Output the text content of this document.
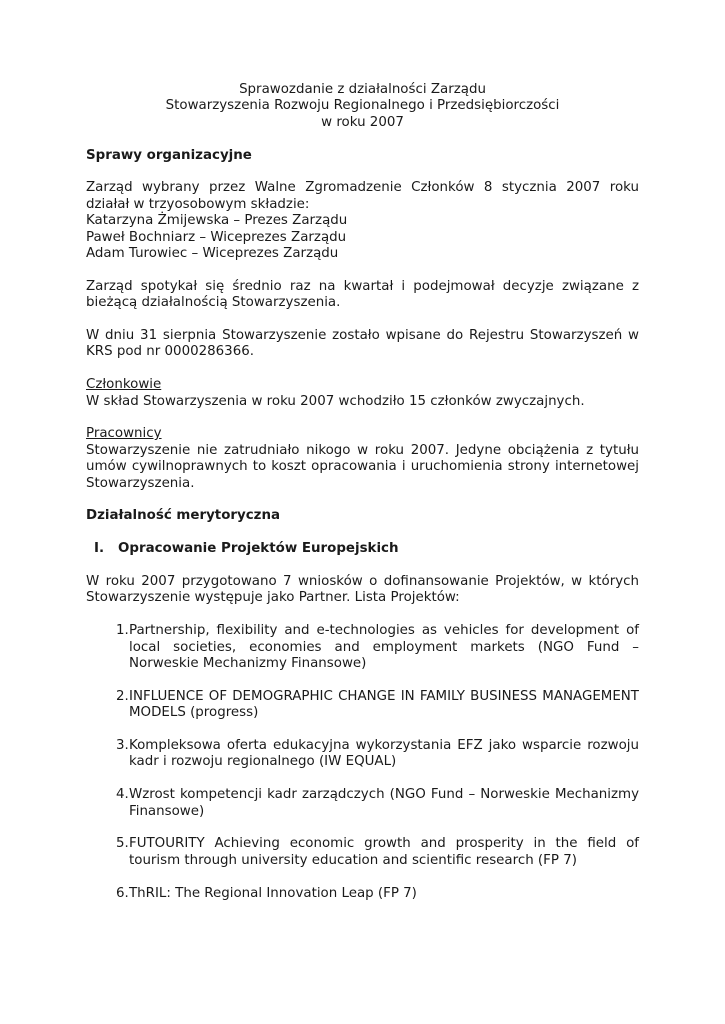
Sprawozdanie z działalności Zarządu
Stowarzyszenia Rozwoju Regionalnego i Przedsiębiorczości
w roku 2007

Sprawy organizacyjne

Zarząd wybrany przez Walne Zgromadzenie Członków 8 stycznia 2007 roku działał w trzyosobowym składzie:

Katarzyna Żmijewska – Prezes Zarządu

Paweł Bochniarz – Wiceprezes Zarządu

Adam Turowiec – Wiceprezes Zarządu

Zarząd spotykał się średnio raz na kwartał i podejmował decyzje związane z bieżącą działalnością Stowarzyszenia.

W dniu 31 sierpnia Stowarzyszenie zostało wpisane do Rejestru Stowarzyszeń w KRS pod nr 0000286366.

Członkowie

W skład Stowarzyszenia w roku 2007 wchodziło 15 członków zwyczajnych.

Pracownicy

Stowarzyszenie nie zatrudniało nikogo w roku 2007. Jedyne obciążenia z tytułu umów cywilnoprawnych to koszt opracowania i uruchomienia strony internetowej Stowarzyszenia.

Działalność merytoryczna

I.	Opracowanie Projektów Europejskich

W roku 2007 przygotowano 7 wniosków o dofinansowanie Projektów, w których Stowarzyszenie występuje jako Partner. Lista Projektów:

1. Partnership, flexibility and e-technologies as vehicles for development of local societies, economies and employment markets (NGO Fund – Norweskie Mechanizmy Finansowe)
2. INFLUENCE OF DEMOGRAPHIC CHANGE IN FAMILY BUSINESS MANAGEMENT MODELS (progress)
3. Kompleksowa oferta edukacyjna wykorzystania EFZ jako wsparcie rozwoju kadr i rozwoju regionalnego (IW EQUAL)
4. Wzrost kompetencji kadr zarządczych (NGO Fund – Norweskie Mechanizmy Finansowe)
5. FUTOURITY Achieving economic growth and prosperity in the field of tourism through university education and scientific research (FP 7)
6. ThRIL: The Regional Innovation Leap (FP 7)
